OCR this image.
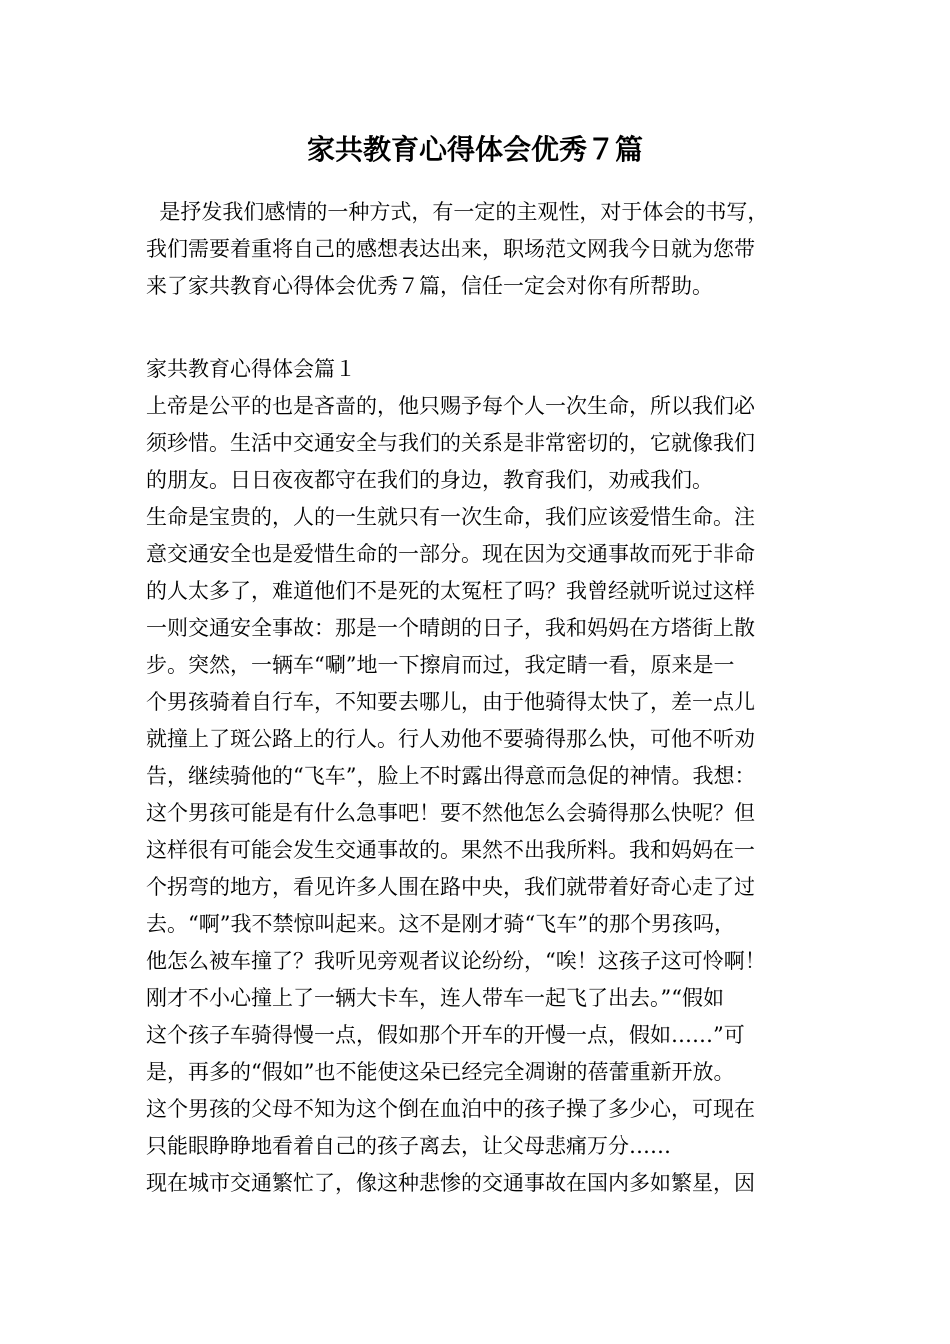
家共教育心得体会优秀７篇
是抒发我们感情的一种方式，有一定的主观性，对于体会的书写，
我们需要着重将自己的感想表达出来，职场范文网我今日就为您带
来了家共教育心得体会优秀７篇，信任一定会对你有所帮助。
家共教育心得体会篇１
上帝是公平的也是吝啬的，他只赐予每个人一次生命，所以我们必
须珍惜。生活中交通安全与我们的关系是非常密切的，它就像我们
的朋友。日日夜夜都守在我们的身边，教育我们，劝戒我们。
生命是宝贵的，人的一生就只有一次生命，我们应该爱惜生命。注
意交通安全也是爱惜生命的一部分。现在因为交通事故而死于非命
的人太多了，难道他们不是死的太冤枉了吗？我曾经就听说过这样
一则交通安全事故：那是一个晴朗的日子，我和妈妈在方塔街上散
步。突然，一辆车“唰”地一下擦肩而过，我定睛一看，原来是一
个男孩骑着自行车，不知要去哪儿，由于他骑得太快了，差一点儿
就撞上了斑公路上的行人。行人劝他不要骑得那么快，可他不听劝
告，继续骑他的“飞车”，脸上不时露出得意而急促的神情。我想：
这个男孩可能是有什么急事吧！要不然他怎么会骑得那么快呢？但
这样很有可能会发生交通事故的。果然不出我所料。我和妈妈在一
个拐弯的地方，看见许多人围在路中央，我们就带着好奇心走了过
去。“啊”我不禁惊叫起来。这不是刚才骑“飞车”的那个男孩吗，
他怎么被车撞了？我听见旁观者议论纷纷，“唉！这孩子这可怜啊！
刚才不小心撞上了一辆大卡车，连人带车一起飞了出去。”“假如
这个孩子车骑得慢一点，假如那个开车的开慢一点，假如……”可
是，再多的“假如”也不能使这朵已经完全凋谢的蓓蕾重新开放。
这个男孩的父母不知为这个倒在血泊中的孩子操了多少心，可现在
只能眼睁睁地看着自己的孩子离去，让父母悲痛万分……
现在城市交通繁忙了，像这种悲惨的交通事故在国内多如繁星，因
